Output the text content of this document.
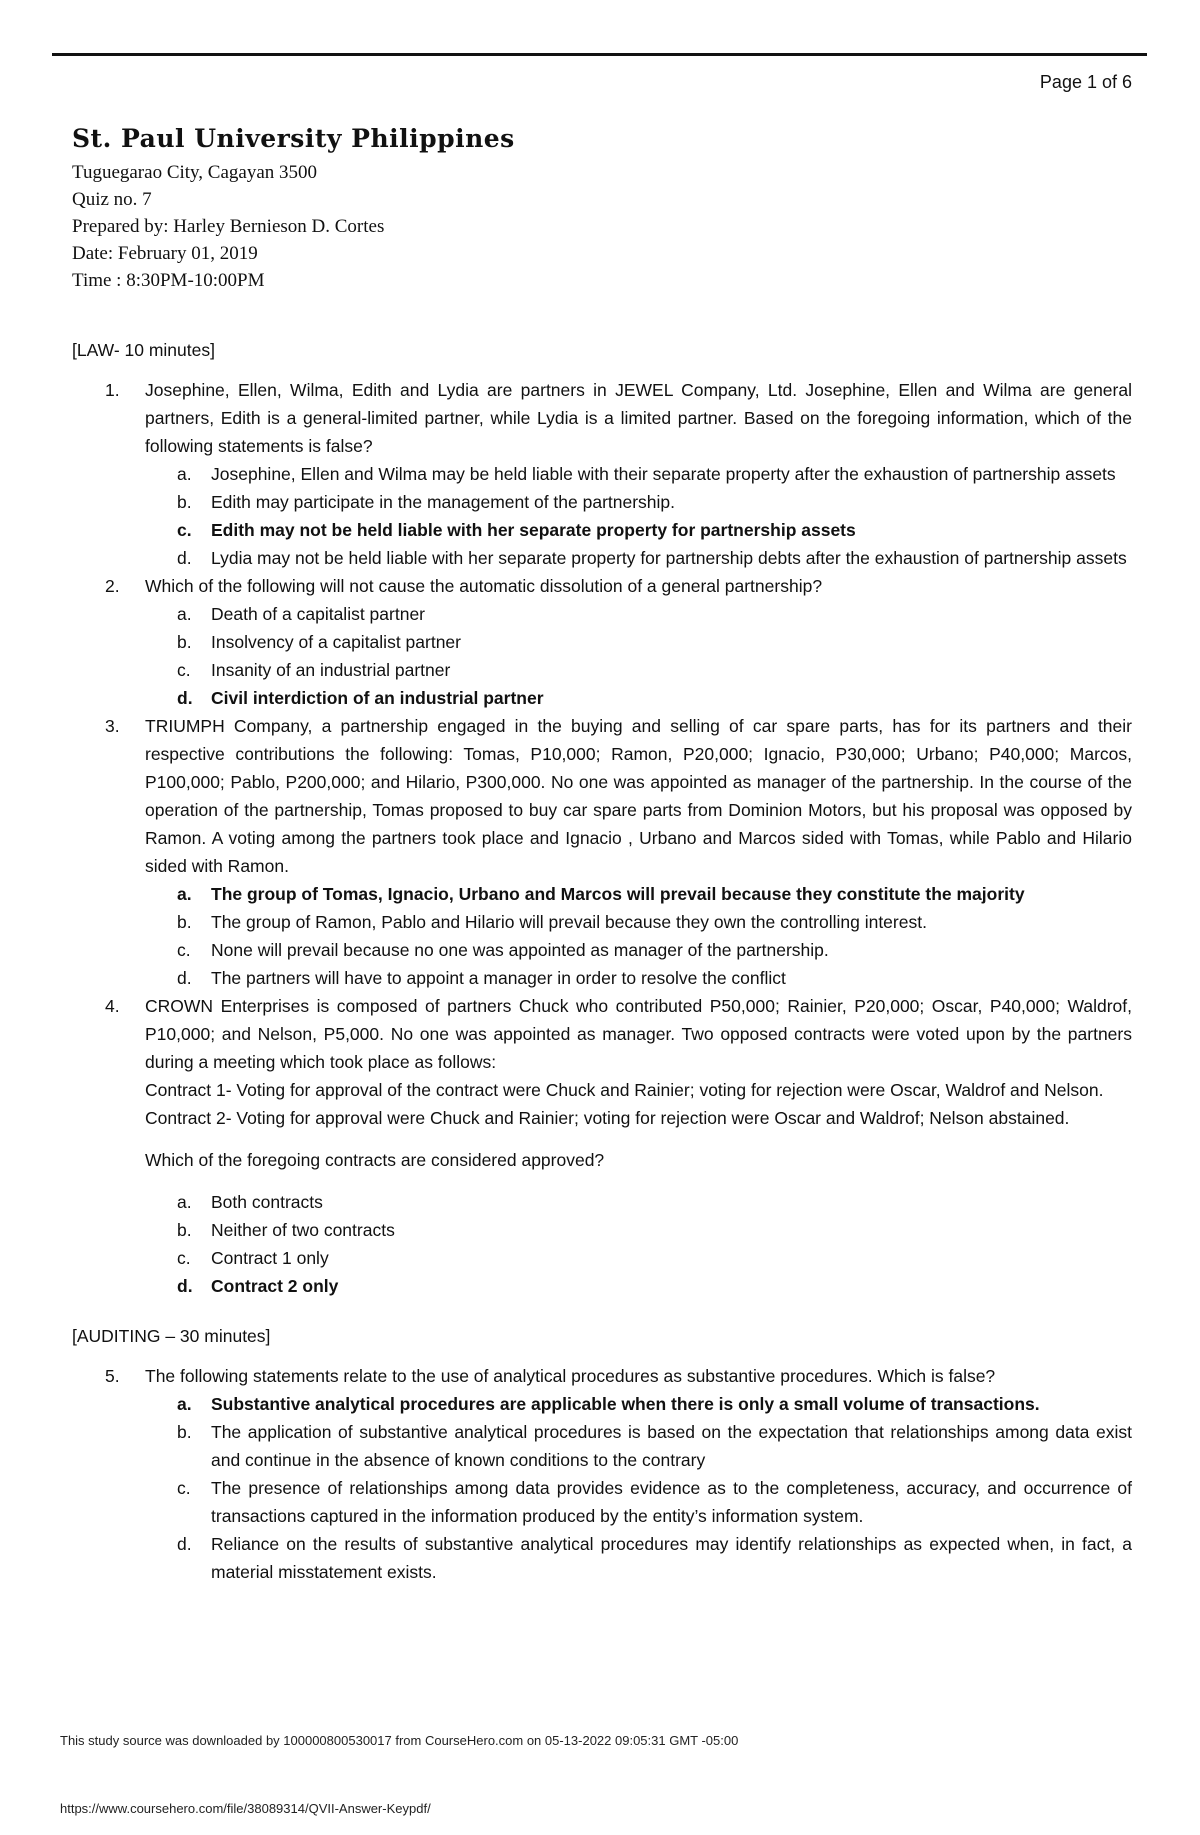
Page 1 of 6
St. Paul University Philippines
Tuguegarao City, Cagayan 3500
Quiz no. 7
Prepared by: Harley Bernieson D. Cortes
Date: February 01, 2019
Time : 8:30PM-10:00PM
[LAW- 10 minutes]
1.	Josephine, Ellen, Wilma, Edith and Lydia are partners in JEWEL Company, Ltd. Josephine, Ellen and Wilma are general partners, Edith is a general-limited partner, while Lydia is a limited partner. Based on the foregoing information, which of the following statements is false?
a.	Josephine, Ellen and Wilma may be held liable with their separate property after the exhaustion of partnership assets
b.	Edith may participate in the management of the partnership.
c.	Edith may not be held liable with her separate property for partnership assets
d.	Lydia may not be held liable with her separate property for partnership debts after the exhaustion of partnership assets
2.	Which of the following will not cause the automatic dissolution of a general partnership?
a.	Death of a capitalist partner
b.	Insolvency of a capitalist partner
c.	Insanity of an industrial partner
d.	Civil interdiction of an industrial partner
3.	TRIUMPH Company, a partnership engaged in the buying and selling of car spare parts, has for its partners and their respective contributions the following: Tomas, P10,000; Ramon, P20,000; Ignacio, P30,000; Urbano; P40,000; Marcos, P100,000; Pablo, P200,000; and Hilario, P300,000. No one was appointed as manager of the partnership. In the course of the operation of the partnership, Tomas proposed to buy car spare parts from Dominion Motors, but his proposal was opposed by Ramon. A voting among the partners took place and Ignacio , Urbano and Marcos sided with Tomas, while Pablo and Hilario sided with Ramon.
a.	The group of Tomas, Ignacio, Urbano and Marcos will prevail because they constitute the majority
b.	The group of Ramon, Pablo and Hilario will prevail because they own the controlling interest.
c.	None will prevail because no one was appointed as manager of the partnership.
d.	The partners will have to appoint a manager in order to resolve the conflict
4.	CROWN Enterprises is composed of partners Chuck who contributed P50,000; Rainier, P20,000; Oscar, P40,000; Waldrof, P10,000; and Nelson, P5,000. No one was appointed as manager. Two opposed contracts were voted upon by the partners during a meeting which took place as follows:
Contract 1- Voting for approval of the contract were Chuck and Rainier; voting for rejection were Oscar, Waldrof and Nelson.
Contract 2- Voting for approval were Chuck and Rainier; voting for rejection were Oscar and Waldrof; Nelson abstained.
Which of the foregoing contracts are considered approved?
a.	Both contracts
b.	Neither of two contracts
c.	Contract 1 only
d.	Contract 2 only
[AUDITING – 30 minutes]
5.	The following statements relate to the use of analytical procedures as substantive procedures. Which is false?
a.	Substantive analytical procedures are applicable when there is only a small volume of transactions.
b.	The application of substantive analytical procedures is based on the expectation that relationships among data exist and continue in the absence of known conditions to the contrary
c.	The presence of relationships among data provides evidence as to the completeness, accuracy, and occurrence of transactions captured in the information produced by the entity’s information system.
d.	Reliance on the results of substantive analytical procedures may identify relationships as expected when, in fact, a material misstatement exists.
This study source was downloaded by 100000800530017 from CourseHero.com on 05-13-2022 09:05:31 GMT -05:00
https://www.coursehero.com/file/38089314/QVII-Answer-Keypdf/
